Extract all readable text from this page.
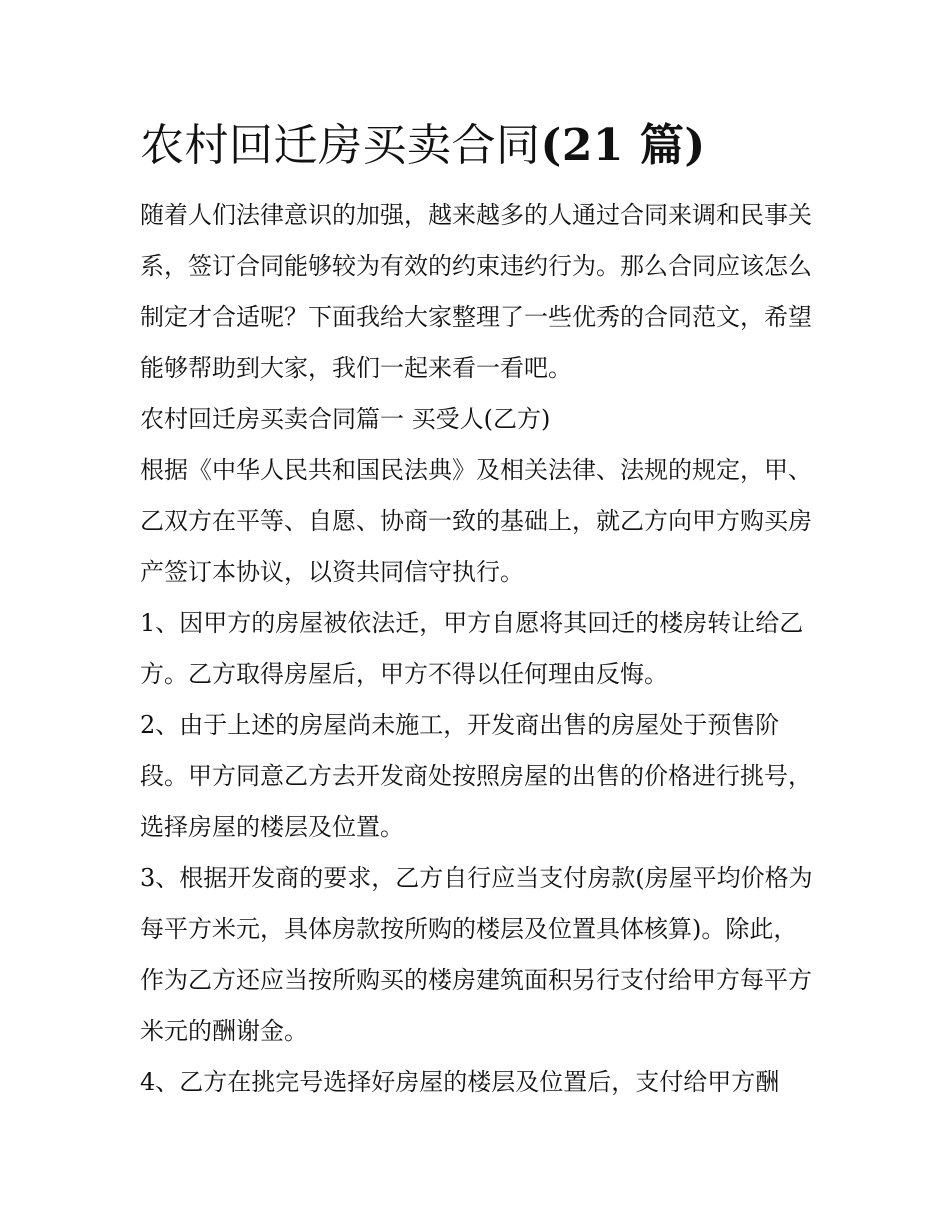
农村回迁房买卖合同(21 篇)

随着人们法律意识的加强，越来越多的人通过合同来调和民事关系，签订合同能够较为有效的约束违约行为。那么合同应该怎么制定才合适呢？下面我给大家整理了一些优秀的合同范文，希望能够帮助到大家，我们一起来看一看吧。

农村回迁房买卖合同篇一 买受人(乙方)

根据《中华人民共和国民法典》及相关法律、法规的规定，甲、乙双方在平等、自愿、协商一致的基础上，就乙方向甲方购买房产签订本协议，以资共同信守执行。

1、因甲方的房屋被依法迁，甲方自愿将其回迁的楼房转让给乙方。乙方取得房屋后，甲方不得以任何理由反悔。

2、由于上述的房屋尚未施工，开发商出售的房屋处于预售阶段。甲方同意乙方去开发商处按照房屋的出售的价格进行挑号，选择房屋的楼层及位置。

3、根据开发商的要求，乙方自行应当支付房款(房屋平均价格为每平方米元，具体房款按所购的楼层及位置具体核算)。除此，作为乙方还应当按所购买的楼房建筑面积另行支付给甲方每平方米元的酬谢金。

4、乙方在挑完号选择好房屋的楼层及位置后，支付给甲方酬
